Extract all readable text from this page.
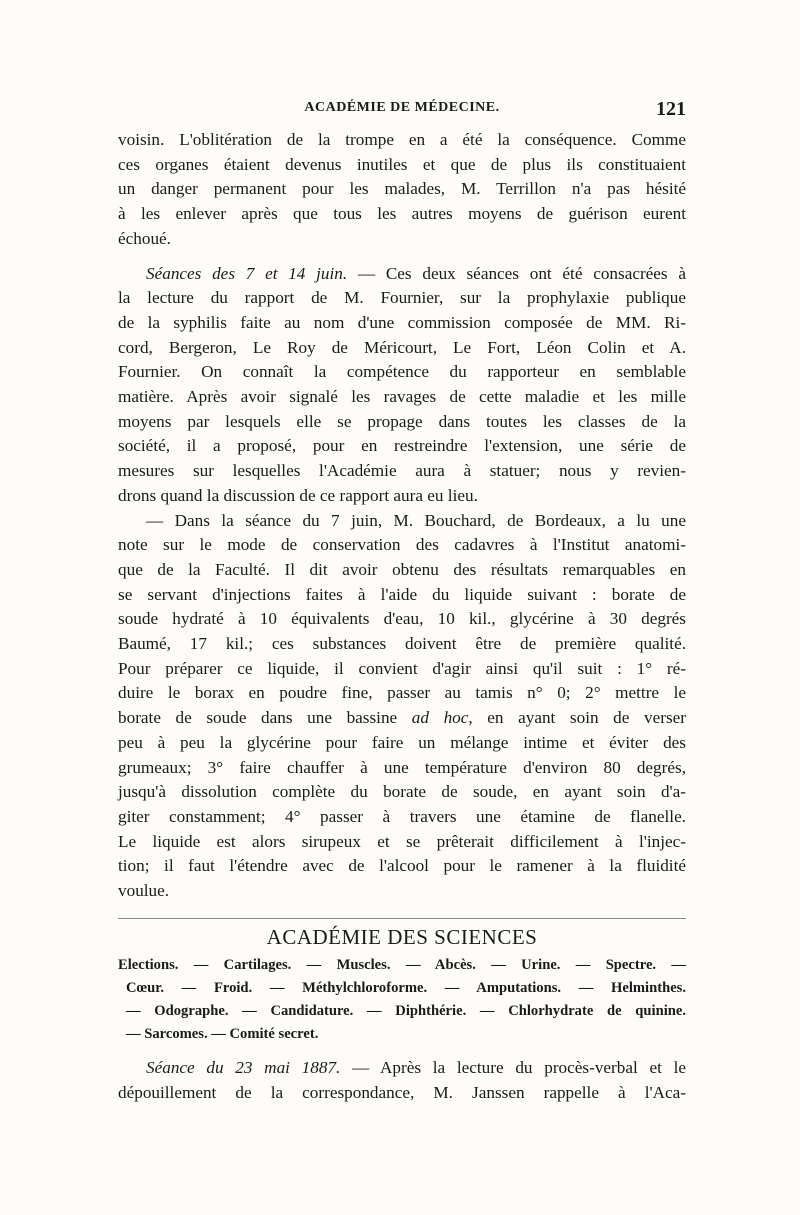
ACADÉMIE DE MÉDECINE.	121
voisin. L'oblitération de la trompe en a été la conséquence. Comme
ces organes étaient devenus inutiles et que de plus ils constituaient
un danger permanent pour les malades, M. Terrillon n'a pas hésité
à les enlever après que tous les autres moyens de guérison eurent
échoué.
Séances des 7 et 14 juin. — Ces deux séances ont été consacrées à
la lecture du rapport de M. Fournier, sur la prophylaxie publique
de la syphilis faite au nom d'une commission composée de MM. Ri-
cord, Bergeron, Le Roy de Méricourt, Le Fort, Léon Colin et A.
Fournier. On connaît la compétence du rapporteur en semblable
matière. Après avoir signalé les ravages de cette maladie et les mille
moyens par lesquels elle se propage dans toutes les classes de la
société, il a proposé, pour en restreindre l'extension, une série de
mesures sur lesquelles l'Académie aura à statuer; nous y revien-
drons quand la discussion de ce rapport aura eu lieu.
— Dans la séance du 7 juin, M. Bouchard, de Bordeaux, a lu une
note sur le mode de conservation des cadavres à l'Institut anatomi-
que de la Faculté. Il dit avoir obtenu des résultats remarquables en
se servant d'injections faites à l'aide du liquide suivant : borate de
soude hydraté à 10 équivalents d'eau, 10 kil., glycérine à 30 degrés
Baumé, 17 kil.; ces substances doivent être de première qualité.
Pour préparer ce liquide, il convient d'agir ainsi qu'il suit : 1° ré-
duire le borax en poudre fine, passer au tamis n° 0; 2° mettre le
borate de soude dans une bassine ad hoc, en ayant soin de verser
peu à peu la glycérine pour faire un mélange intime et éviter des
grumeaux; 3° faire chauffer à une température d'environ 80 degrés,
jusqu'à dissolution complète du borate de soude, en ayant soin d'a-
giter constamment; 4° passer à travers une étamine de flanelle.
Le liquide est alors sirupeux et se prêterait difficilement à l'injec-
tion; il faut l'étendre avec de l'alcool pour le ramener à la fluidité
voulue.
ACADÉMIE DES SCIENCES
Elections. — Cartilages. — Muscles. — Abcès. — Urine. — Spectre. —
Cœur. — Froid. — Méthylchloroforme. — Amputations. — Helminthes.
— Odographe. — Candidature. — Diphthérie. — Chlorhydrate de quinine.
— Sarcomes. — Comité secret.
Séance du 23 mai 1887. — Après la lecture du procès-verbal et le
dépouillement de la correspondance, M. Janssen rappelle à l'Aca-
